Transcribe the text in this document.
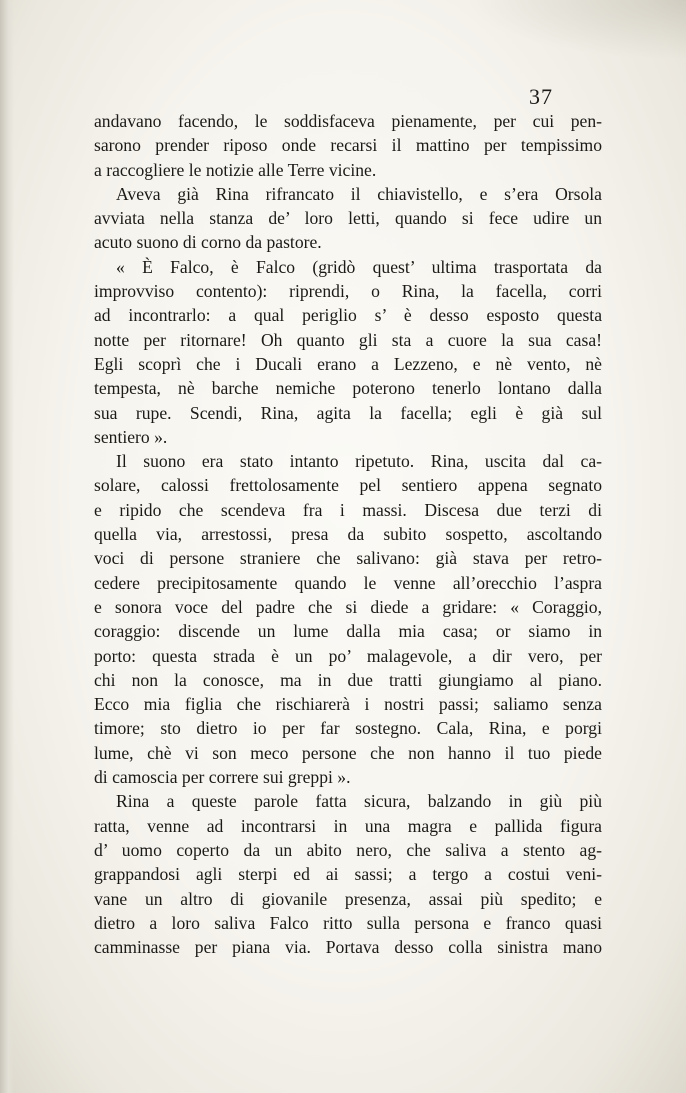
37
andavano facendo, le soddisfaceva pienamente, per cui pen-
sarono prender riposo onde recarsi il mattino per tempissimo
a raccogliere le notizie alle Terre vicine.
Aveva già Rina rifrancato il chiavistello, e s’era Orsola
avviata nella stanza de’ loro letti, quando si fece udire un
acuto suono di corno da pastore.
« È Falco, è Falco (gridò quest’ ultima trasportata da
improvviso contento): riprendi, o Rina, la facella, corri
ad incontrarlo: a qual periglio s’ è desso esposto questa
notte per ritornare! Oh quanto gli sta a cuore la sua casa!
Egli scoprì che i Ducali erano a Lezzeno, e nè vento, nè
tempesta, nè barche nemiche poterono tenerlo lontano dalla
sua rupe. Scendi, Rina, agita la facella; egli è già sul
sentiero ».
Il suono era stato intanto ripetuto. Rina, uscita dal ca-
solare, calossi frettolosamente pel sentiero appena segnato
e ripido che scendeva fra i massi. Discesa due terzi di
quella via, arrestossi, presa da subito sospetto, ascoltando
voci di persone straniere che salivano: già stava per retro-
cedere precipitosamente quando le venne all’orecchio l’aspra
e sonora voce del padre che si diede a gridare: « Coraggio,
coraggio: discende un lume dalla mia casa; or siamo in
porto: questa strada è un po’ malagevole, a dir vero, per
chi non la conosce, ma in due tratti giungiamo al piano.
Ecco mia figlia che rischiarerà i nostri passi; saliamo senza
timore; sto dietro io per far sostegno. Cala, Rina, e porgi
lume, chè vi son meco persone che non hanno il tuo piede
di camoscia per correre sui greppi ».
Rina a queste parole fatta sicura, balzando in giù più
ratta, venne ad incontrarsi in una magra e pallida figura
d’ uomo coperto da un abito nero, che saliva a stento ag-
grappandosi agli sterpi ed ai sassi; a tergo a costui veni-
vane un altro di giovanile presenza, assai più spedito; e
dietro a loro saliva Falco ritto sulla persona e franco quasi
camminasse per piana via. Portava desso colla sinistra mano
